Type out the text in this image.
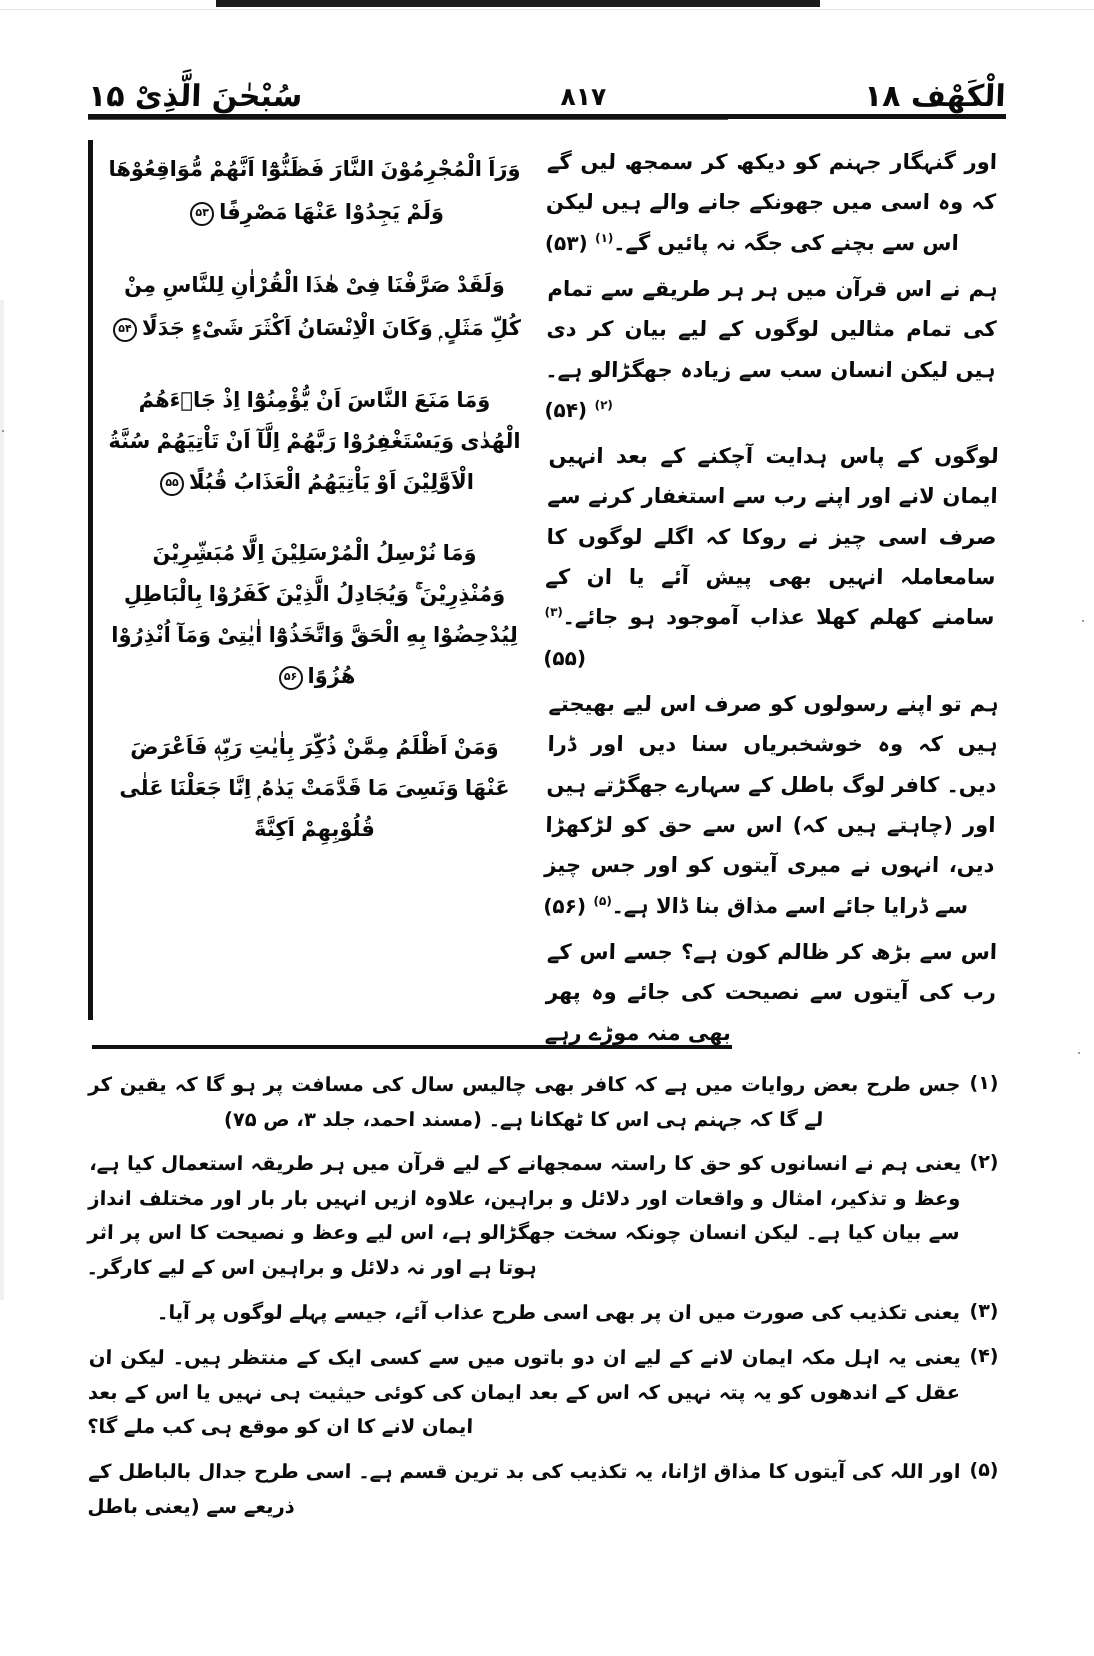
الْکَهْف ۱۸
۸۱۷
سُبْحٰنَ الَّذِیْ ۱۵

اور گنہگار جہنم کو دیکھ کر سمجھ لیں گے کہ وہ اسی میں جھونکے جانے والے ہیں لیکن اس سے بچنے کی جگہ نہ پائیں گے۔$^{(۱)}$ (۵۳)

ہم نے اس قرآن میں ہر ہر طریقے سے تمام کی تمام مثالیں لوگوں کے لیے بیان کر دی ہیں لیکن انسان سب سے زیادہ جھگڑالو ہے۔$^{(۲)}$ (۵۴)

لوگوں کے پاس ہدایت آچکنے کے بعد انہیں ایمان لانے اور اپنے رب سے استغفار کرنے سے صرف اسی چیز نے روکا کہ اگلے لوگوں کا سامعاملہ انہیں بھی پیش آئے یا ان کے سامنے کھلم کھلا عذاب آموجود ہو جائے۔$^{(۳)}$ (۵۵)

ہم تو اپنے رسولوں کو صرف اس لیے بھیجتے ہیں کہ وہ خوشخبریاں سنا دیں اور ڈرا دیں۔ کافر لوگ باطل کے سہارے جھگڑتے ہیں اور (چاہتے ہیں کہ) اس سے حق کو لڑکھڑا دیں، انہوں نے میری آیتوں کو اور جس چیز سے ڈرایا جائے اسے مذاق بنا ڈالا ہے۔$^{(۵)}$ (۵۶)

اس سے بڑھ کر ظالم کون ہے؟ جسے اس کے رب کی آیتوں سے نصیحت کی جائے وہ پھر بھی منہ موڑے رہے

وَرَاَ الْمُجْرِمُوْنَ النَّارَ فَظَنُّوْٓا اَنَّهُمْ مُّوَاقِعُوْهَا وَلَمْ يَجِدُوْا عَنْهَا مَصْرِفًا۵۳
وَلَقَدْ صَرَّفْنَا فِیْ هٰذَا الْقُرْاٰنِ لِلنَّاسِ مِنْ كُلِّ مَثَلٍ ۭ وَكَانَ الْاِنْسَانُ اَكْثَرَ شَیْءٍ جَدَلًا۵۴
وَمَا مَنَعَ النَّاسَ اَنْ یُّؤْمِنُوْٓا اِذْ جَاۗءَهُمُ الْهُدٰى وَیَسْتَغْفِرُوْا رَبَّهُمْ اِلَّآ اَنْ تَاْتِیَهُمْ سُنَّةُ الْاَوَّلِیْنَ اَوْ یَاْتِیَهُمُ الْعَذَابُ قُبُلًا۵۵
وَمَا نُرْسِلُ الْمُرْسَلِیْنَ اِلَّا مُبَشِّرِیْنَ وَمُنْذِرِیْنَ ۚ وَیُجَادِلُ الَّذِیْنَ كَفَرُوْا بِالْبَاطِلِ لِیُدْحِضُوْا بِهِ الْحَقَّ وَاتَّخَذُوْٓا اٰیٰتِیْ وَمَآ اُنْذِرُوْا هُزُوًا۵۶
وَمَنْ اَظْلَمُ مِمَّنْ ذُكِّرَ بِاٰیٰتِ رَبِّهٖ فَاَعْرَضَ عَنْهَا وَنَسِیَ مَا قَدَّمَتْ یَدٰهُ ۭ اِنَّا جَعَلْنَا عَلٰى قُلُوْبِهِمْ اَكِنَّةً
(۱)
جس طرح بعض روایات میں ہے کہ کافر بھی چالیس سال کی مسافت پر ہو گا کہ یقین کر لے گا کہ جہنم ہی اس کا ٹھکانا ہے۔ (مسند احمد، جلد ۳، ص ۷۵)
(۲)
یعنی ہم نے انسانوں کو حق کا راستہ سمجھانے کے لیے قرآن میں ہر طریقہ استعمال کیا ہے، وعظ و تذکیر، امثال و واقعات اور دلائل و براہین، علاوہ ازیں انہیں بار بار اور مختلف انداز سے بیان کیا ہے۔ لیکن انسان چونکہ سخت جھگڑالو ہے، اس لیے وعظ و نصیحت کا اس پر اثر ہوتا ہے اور نہ دلائل و براہین اس کے لیے کارگر۔
(۳)
یعنی تکذیب کی صورت میں ان پر بھی اسی طرح عذاب آئے، جیسے پہلے لوگوں پر آیا۔
(۴)
یعنی یہ اہل مکہ ایمان لانے کے لیے ان دو باتوں میں سے کسی ایک کے منتظر ہیں۔ لیکن ان عقل کے اندھوں کو یہ پتہ نہیں کہ اس کے بعد ایمان کی کوئی حیثیت ہی نہیں یا اس کے بعد ایمان لانے کا ان کو موقع ہی کب ملے گا؟
(۵)
اور اللہ کی آیتوں کا مذاق اڑانا، یہ تکذیب کی بد ترین قسم ہے۔ اسی طرح جدال بالباطل کے ذریعے سے (یعنی باطل
